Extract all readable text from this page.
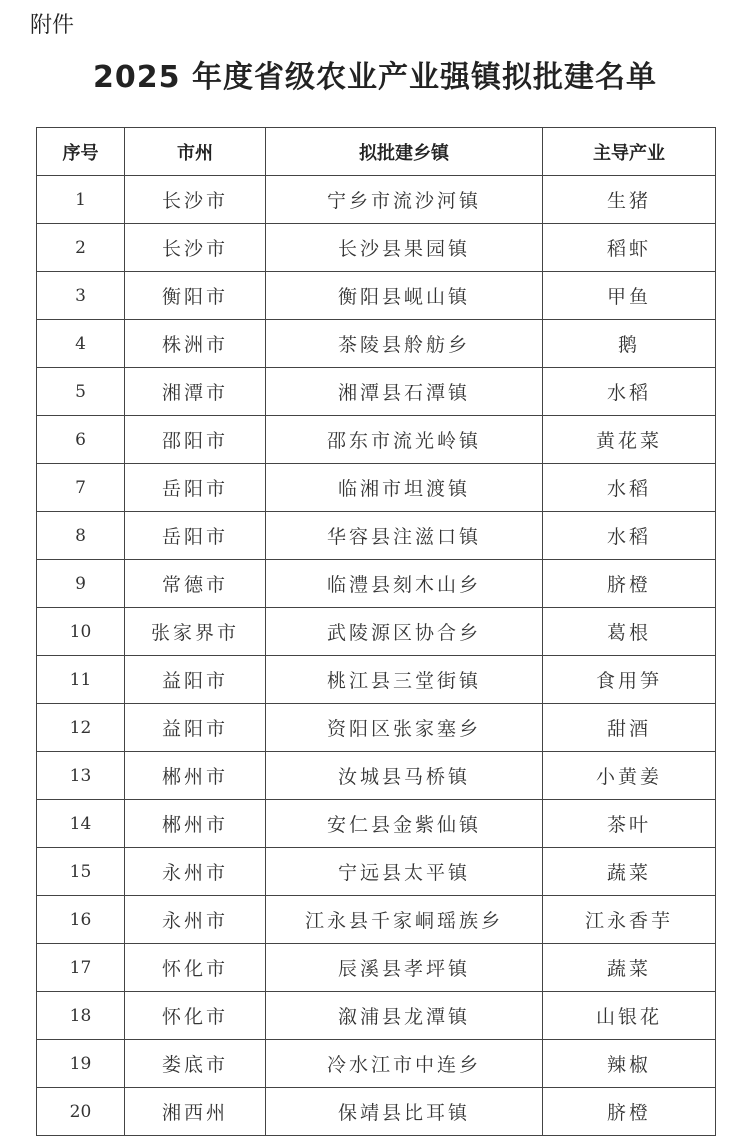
附件
2025 年度省级农业产业强镇拟批建名单
序号	市州	拟批建乡镇	主导产业
1	长沙市	宁乡市流沙河镇	生猪
2	长沙市	长沙县果园镇	稻虾
3	衡阳市	衡阳县岘山镇	甲鱼
4	株洲市	茶陵县舲舫乡	鹅
5	湘潭市	湘潭县石潭镇	水稻
6	邵阳市	邵东市流光岭镇	黄花菜
7	岳阳市	临湘市坦渡镇	水稻
8	岳阳市	华容县注滋口镇	水稻
9	常德市	临澧县刻木山乡	脐橙
10	张家界市	武陵源区协合乡	葛根
11	益阳市	桃江县三堂街镇	食用笋
12	益阳市	资阳区张家塞乡	甜酒
13	郴州市	汝城县马桥镇	小黄姜
14	郴州市	安仁县金紫仙镇	茶叶
15	永州市	宁远县太平镇	蔬菜
16	永州市	江永县千家峒瑶族乡	江永香芋
17	怀化市	辰溪县孝坪镇	蔬菜
18	怀化市	溆浦县龙潭镇	山银花
19	娄底市	冷水江市中连乡	辣椒
20	湘西州	保靖县比耳镇	脐橙
